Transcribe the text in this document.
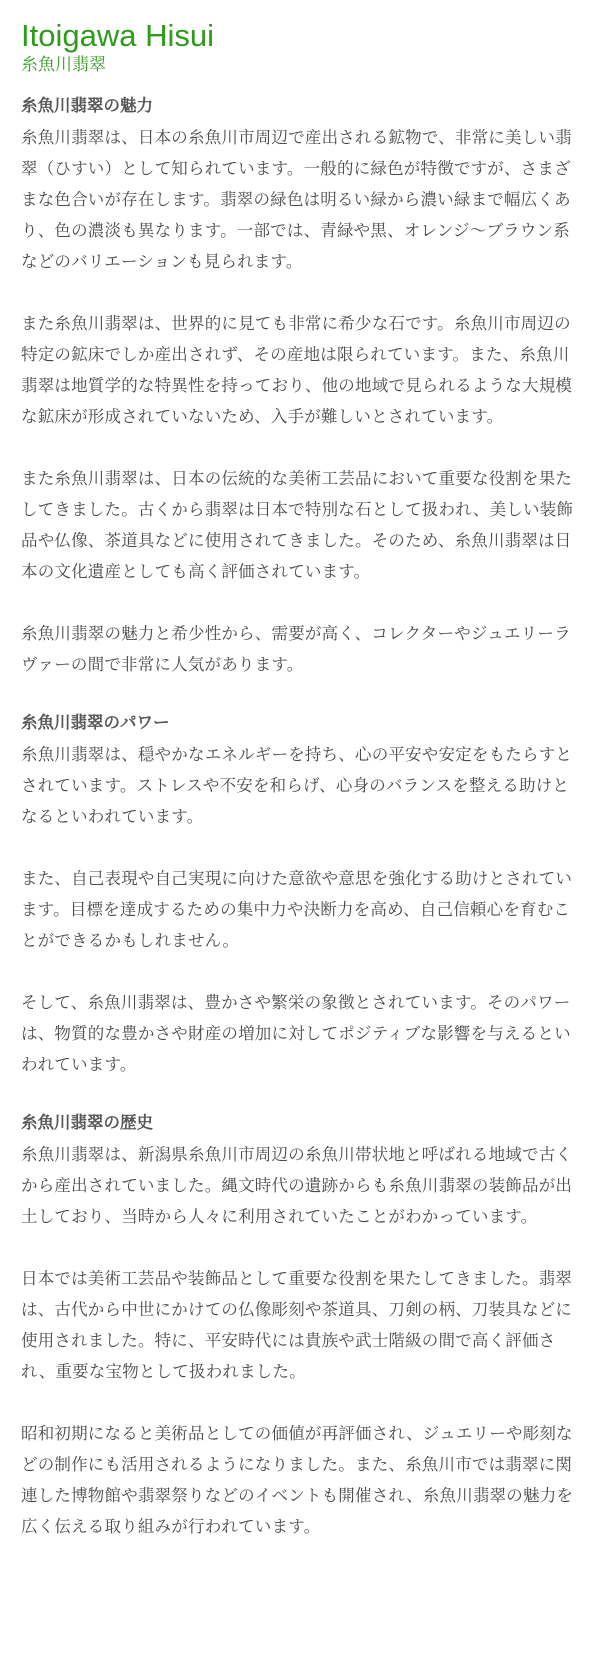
Itoigawa Hisui
糸魚川翡翠
糸魚川翡翠の魅力

糸魚川翡翠は、日本の糸魚川市周辺で産出される鉱物で、非常に美しい翡翠（ひすい）として知られています。一般的に緑色が特徴ですが、さまざまな色合いが存在します。翡翠の緑色は明るい緑から濃い緑まで幅広くあり、色の濃淡も異なります。一部では、青緑や黒、オレンジ〜ブラウン系などのバリエーションも見られます。

また糸魚川翡翠は、世界的に見ても非常に希少な石です。糸魚川市周辺の特定の鉱床でしか産出されず、その産地は限られています。また、糸魚川翡翠は地質学的な特異性を持っており、他の地域で見られるような大規模な鉱床が形成されていないため、入手が難しいとされています。

また糸魚川翡翠は、日本の伝統的な美術工芸品において重要な役割を果たしてきました。古くから翡翠は日本で特別な石として扱われ、美しい装飾品や仏像、茶道具などに使用されてきました。そのため、糸魚川翡翠は日本の文化遺産としても高く評価されています。

糸魚川翡翠の魅力と希少性から、需要が高く、コレクターやジュエリーラヴァーの間で非常に人気があります。

糸魚川翡翠のパワー

糸魚川翡翠は、穏やかなエネルギーを持ち、心の平安や安定をもたらすとされています。ストレスや不安を和らげ、心身のバランスを整える助けとなるといわれています。

また、自己表現や自己実現に向けた意欲や意思を強化する助けとされています。目標を達成するための集中力や決断力を高め、自己信頼心を育むことができるかもしれません。

そして、糸魚川翡翠は、豊かさや繁栄の象徴とされています。そのパワーは、物質的な豊かさや財産の増加に対してポジティブな影響を与えるといわれています。

糸魚川翡翠の歴史

糸魚川翡翠は、新潟県糸魚川市周辺の糸魚川帯状地と呼ばれる地域で古くから産出されていました。縄文時代の遺跡からも糸魚川翡翠の装飾品が出土しており、当時から人々に利用されていたことがわかっています。

日本では美術工芸品や装飾品として重要な役割を果たしてきました。翡翠は、古代から中世にかけての仏像彫刻や茶道具、刀剣の柄、刀装具などに使用されました。特に、平安時代には貴族や武士階級の間で高く評価され、重要な宝物として扱われました。

昭和初期になると美術品としての価値が再評価され、ジュエリーや彫刻などの制作にも活用されるようになりました。また、糸魚川市では翡翠に関連した博物館や翡翠祭りなどのイベントも開催され、糸魚川翡翠の魅力を広く伝える取り組みが行われています。
